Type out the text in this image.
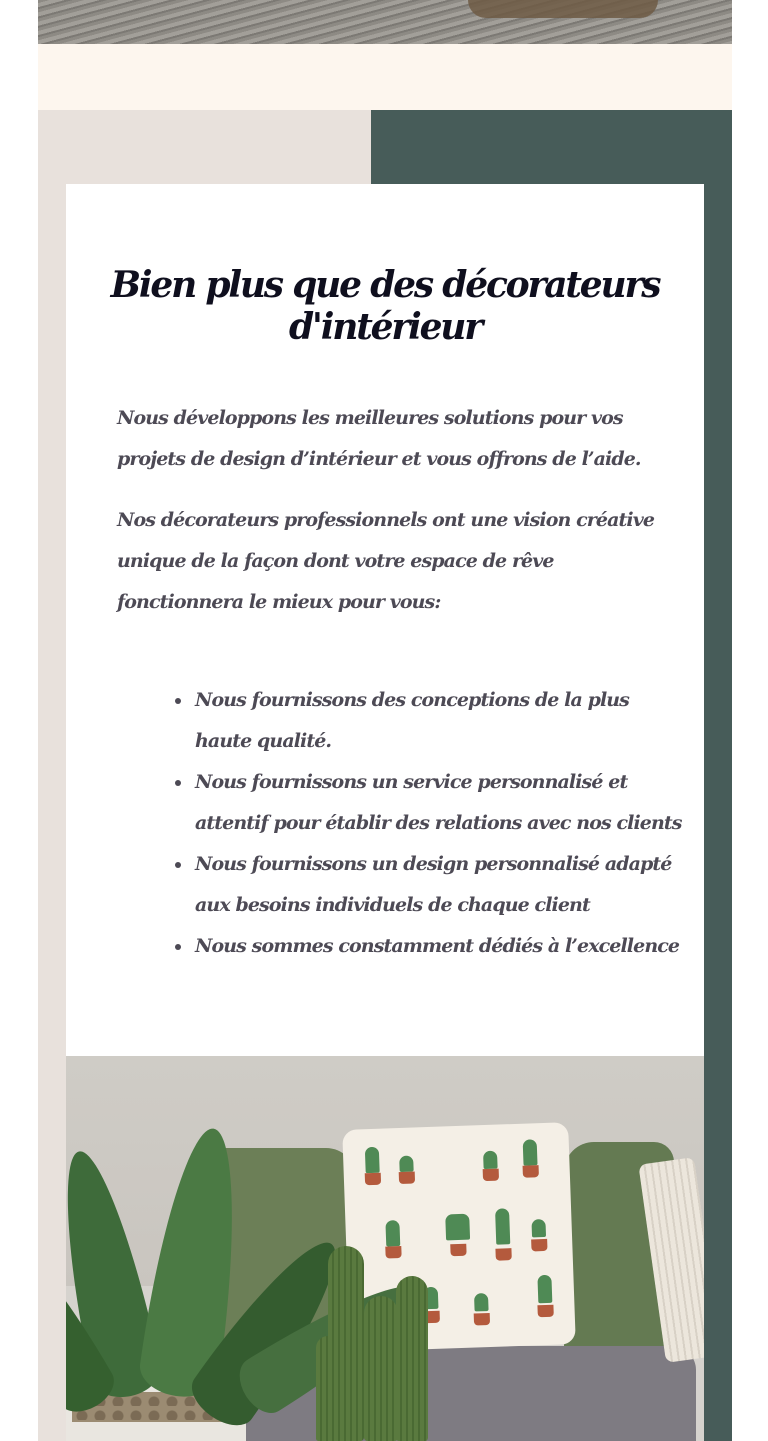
Bien plus que des décorateurs d'intérieur

Nous développons les meilleures solutions pour vos projets de design d’intérieur et vous offrons de l’aide.

Nos décorateurs professionnels ont une vision créative unique de la façon dont votre espace de rêve fonctionnera le mieux pour vous:

• Nous fournissons des conceptions de la plus haute qualité.
• Nous fournissons un service personnalisé et attentif pour établir des relations avec nos clients
• Nous fournissons un design personnalisé adapté aux besoins individuels de chaque client
• Nous sommes constamment dédiés à l’excellence
